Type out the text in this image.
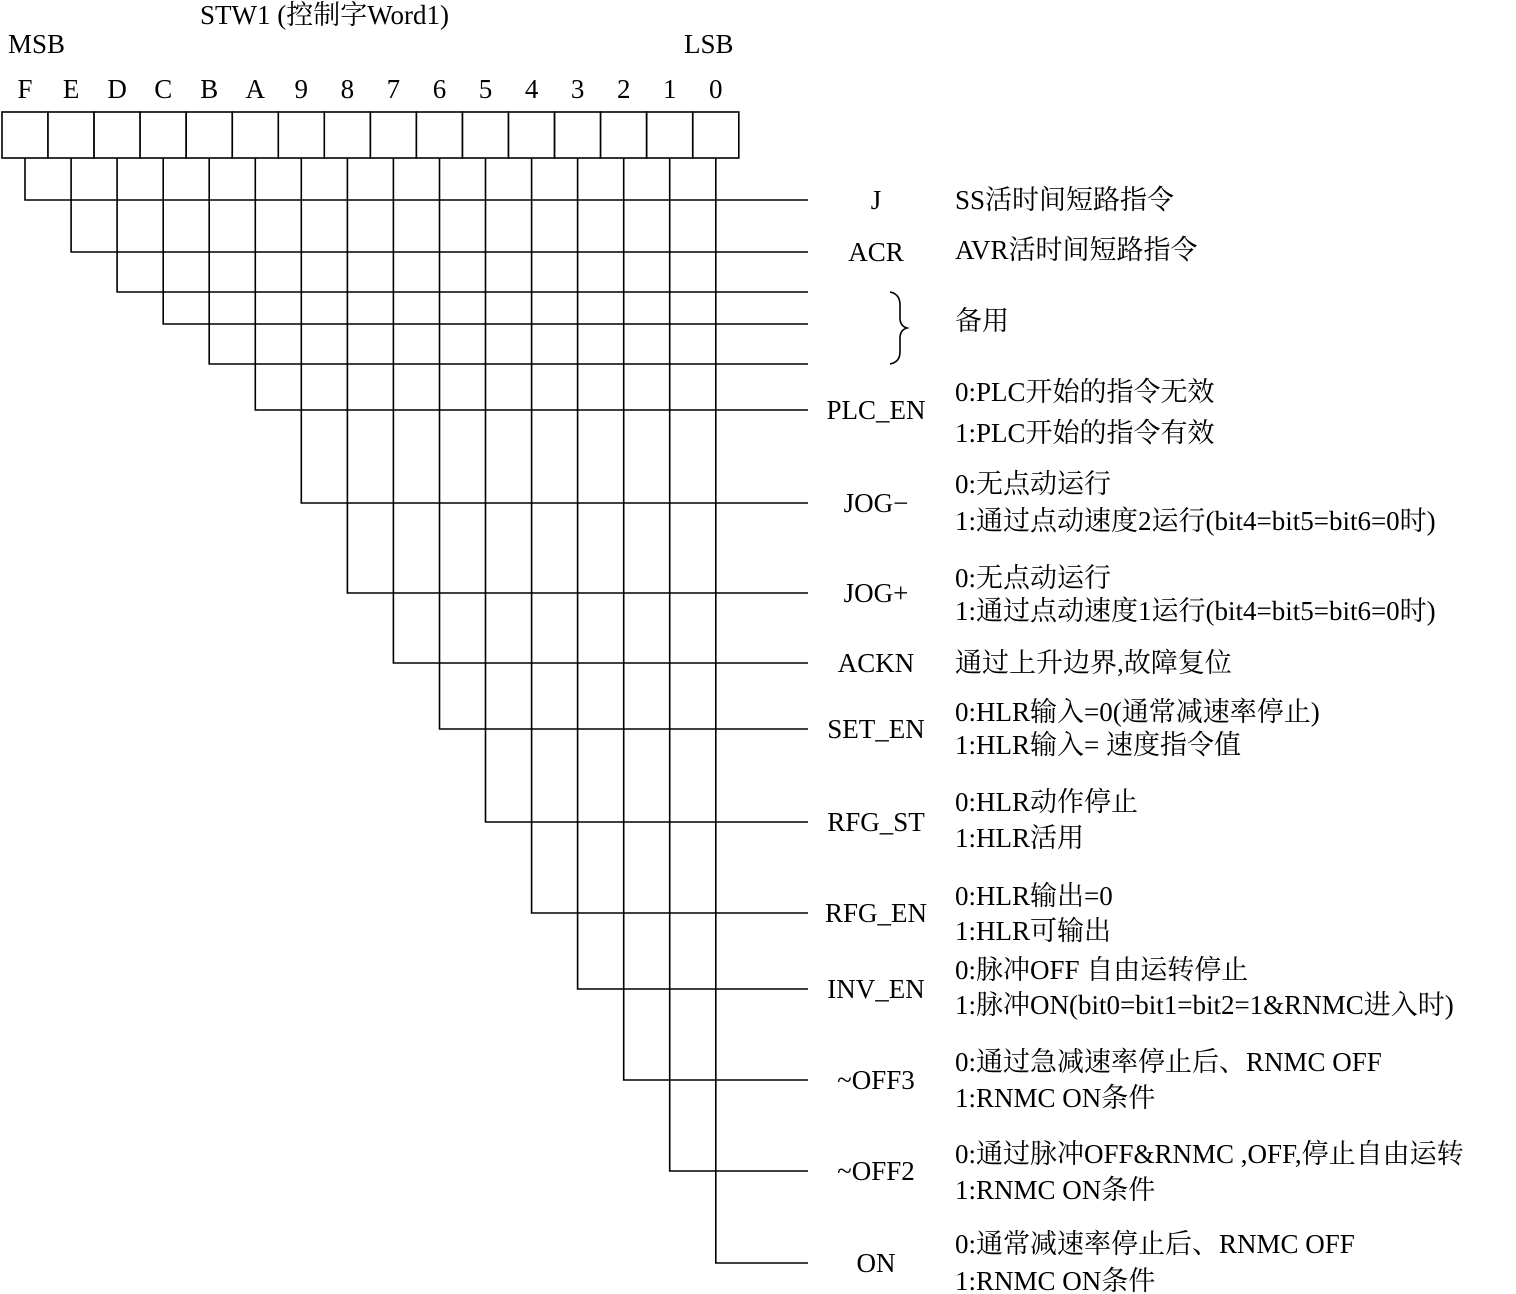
STW1 (控制字Word1)
MSB	LSB
F E D C B A 9 8 7 6 5 4 3 2 1 0
J
ACR
PLC_EN
JOG−
JOG+
ACKN
SET_EN
RFG_ST
RFG_EN
INV_EN
~OFF3
~OFF2
ON
SS活时间短路指令
AVR活时间短路指令
0:PLC开始的指令无效
1:PLC开始的指令有效
0:无点动运行
1:通过点动速度2运行(bit4=bit5=bit6=0时)
0:无点动运行
1:通过点动速度1运行(bit4=bit5=bit6=0时)
通过上升边界,故障复位
0:HLR输入=0(通常减速率停止)
1:HLR输入= 速度指令值
0:HLR动作停止
1:HLR活用
0:HLR输出=0
1:HLR可输出
0:脉冲OFF 自由运转停止
1:脉冲ON(bit0=bit1=bit2=1&RNMC进入时)
0:通过急减速率停止后、RNMC OFF
1:RNMC ON条件
0:通过脉冲OFF&RNMC ,OFF,停止自由运转
1:RNMC ON条件
0:通常减速率停止后、RNMC OFF
1:RNMC ON条件
备用
